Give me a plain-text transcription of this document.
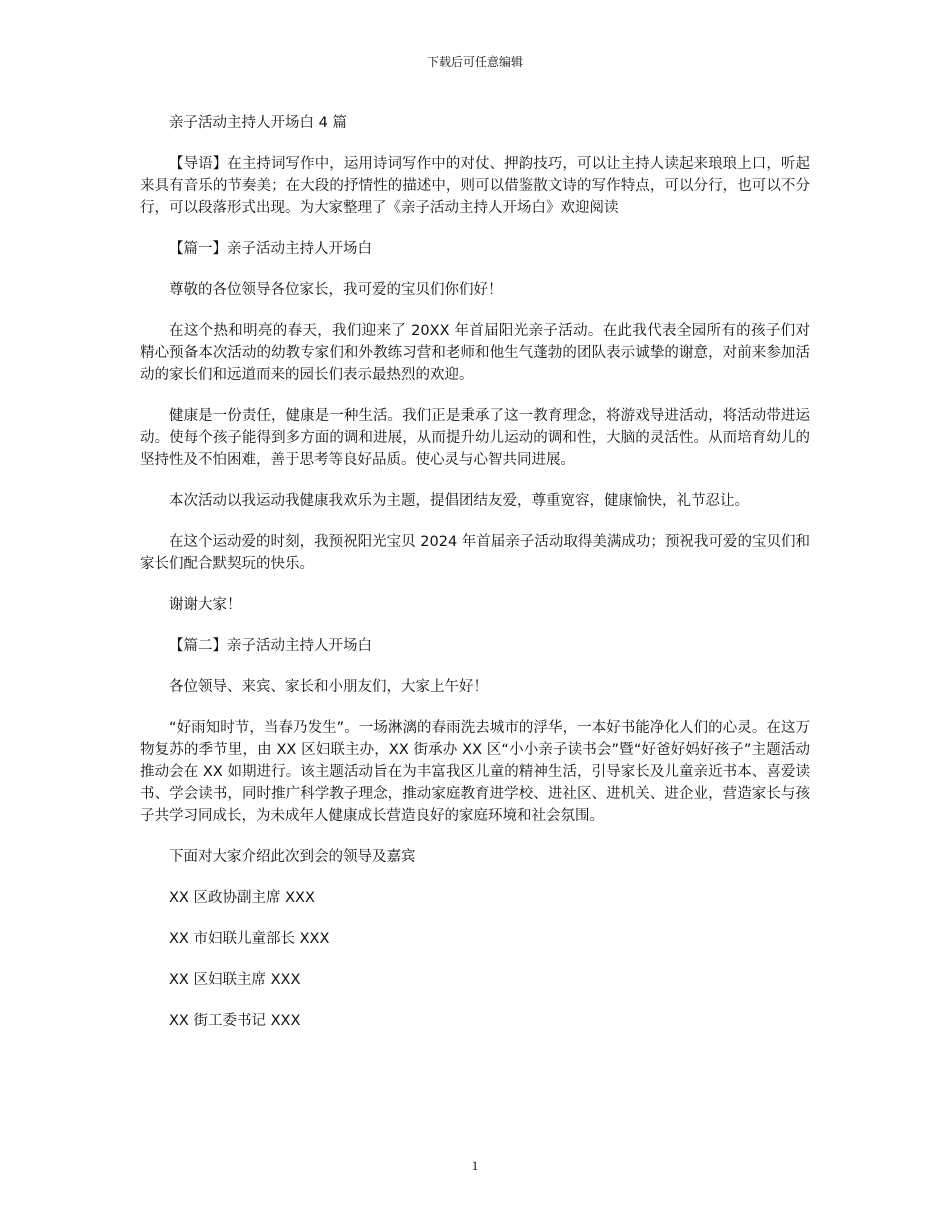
下载后可任意编辑

亲子活动主持人开场白 4 篇

【导语】在主持词写作中，运用诗词写作中的对仗、押韵技巧，可以让主持人读起来琅琅上口，听起来具有音乐的节奏美；在大段的抒情性的描述中，则可以借鉴散文诗的写作特点，可以分行，也可以不分行，可以段落形式出现。为大家整理了《亲子活动主持人开场白》欢迎阅读

【篇一】亲子活动主持人开场白

尊敬的各位领导各位家长，我可爱的宝贝们你们好！

在这个热和明亮的春天，我们迎来了 20XX 年首届阳光亲子活动。在此我代表全园所有的孩子们对精心预备本次活动的幼教专家们和外教练习营和老师和他生气蓬勃的团队表示诚挚的谢意，对前来参加活动的家长们和远道而来的园长们表示最热烈的欢迎。

健康是一份责任，健康是一种生活。我们正是秉承了这一教育理念，将游戏导进活动，将活动带进运动。使每个孩子能得到多方面的调和进展，从而提升幼儿运动的调和性，大脑的灵活性。从而培育幼儿的坚持性及不怕困难，善于思考等良好品质。使心灵与心智共同进展。

本次活动以我运动我健康我欢乐为主题，提倡团结友爱，尊重宽容，健康愉快，礼节忍让。

在这个运动爱的时刻，我预祝阳光宝贝 2024 年首届亲子活动取得美满成功；预祝我可爱的宝贝们和家长们配合默契玩的快乐。

谢谢大家！

【篇二】亲子活动主持人开场白

各位领导、来宾、家长和小朋友们，大家上午好！

“好雨知时节，当春乃发生”。一场淋漓的春雨洗去城市的浮华，一本好书能净化人们的心灵。在这万物复苏的季节里，由 XX 区妇联主办，XX 街承办 XX 区“小小亲子读书会”暨“好爸好妈好孩子”主题活动推动会在 XX 如期进行。该主题活动旨在为丰富我区儿童的精神生活，引导家长及儿童亲近书本、喜爱读书、学会读书，同时推广科学教子理念，推动家庭教育进学校、进社区、进机关、进企业，营造家长与孩子共学习同成长，为未成年人健康成长营造良好的家庭环境和社会氛围。

下面对大家介绍此次到会的领导及嘉宾

XX 区政协副主席 XXX

XX 市妇联儿童部长 XXX

XX 区妇联主席 XXX

XX 街工委书记 XXX

1
